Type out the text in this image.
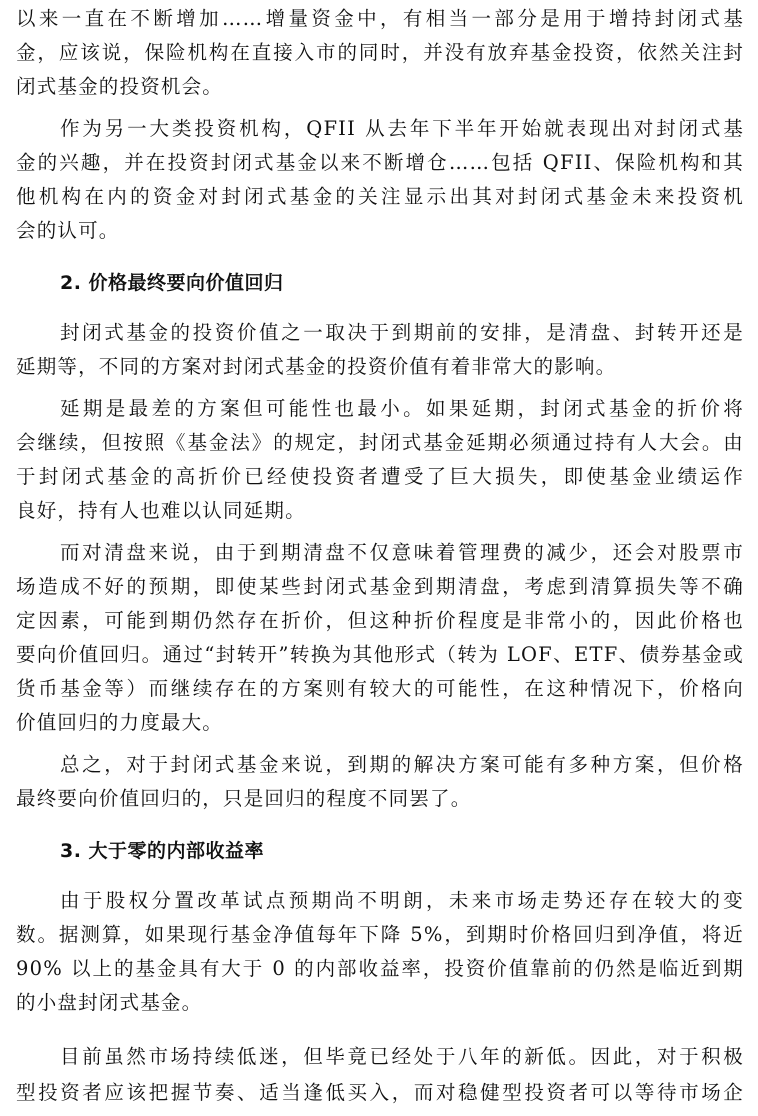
以来一直在不断增加……增量资金中，有相当一部分是用于增持封闭式基
金，应该说，保险机构在直接入市的同时，并没有放弃基金投资，依然关注封
闭式基金的投资机会。
作为另一大类投资机构，QFII 从去年下半年开始就表现出对封闭式基
金的兴趣，并在投资封闭式基金以来不断增仓……包括 QFII、保险机构和其
他机构在内的资金对封闭式基金的关注显示出其对封闭式基金未来投资机
会的认可。
2. 价格最终要向价值回归
封闭式基金的投资价值之一取决于到期前的安排，是清盘、封转开还是
延期等，不同的方案对封闭式基金的投资价值有着非常大的影响。
延期是最差的方案但可能性也最小。如果延期，封闭式基金的折价将
会继续，但按照《基金法》的规定，封闭式基金延期必须通过持有人大会。由
于封闭式基金的高折价已经使投资者遭受了巨大损失，即使基金业绩运作
良好，持有人也难以认同延期。
而对清盘来说，由于到期清盘不仅意味着管理费的减少，还会对股票市
场造成不好的预期，即使某些封闭式基金到期清盘，考虑到清算损失等不确
定因素，可能到期仍然存在折价，但这种折价程度是非常小的，因此价格也
要向价值回归。通过“封转开”转换为其他形式（转为 LOF、ETF、债券基金或
货币基金等）而继续存在的方案则有较大的可能性，在这种情况下，价格向
价值回归的力度最大。
总之，对于封闭式基金来说，到期的解决方案可能有多种方案，但价格
最终要向价值回归的，只是回归的程度不同罢了。
3. 大于零的内部收益率
由于股权分置改革试点预期尚不明朗，未来市场走势还存在较大的变
数。据测算，如果现行基金净值每年下降 5%，到期时价格回归到净值，将近
90% 以上的基金具有大于 0 的内部收益率，投资价值靠前的仍然是临近到期
的小盘封闭式基金。
目前虽然市场持续低迷，但毕竟已经处于八年的新低。因此，对于积极
型投资者应该把握节奏、适当逢低买入，而对稳健型投资者可以等待市场企
